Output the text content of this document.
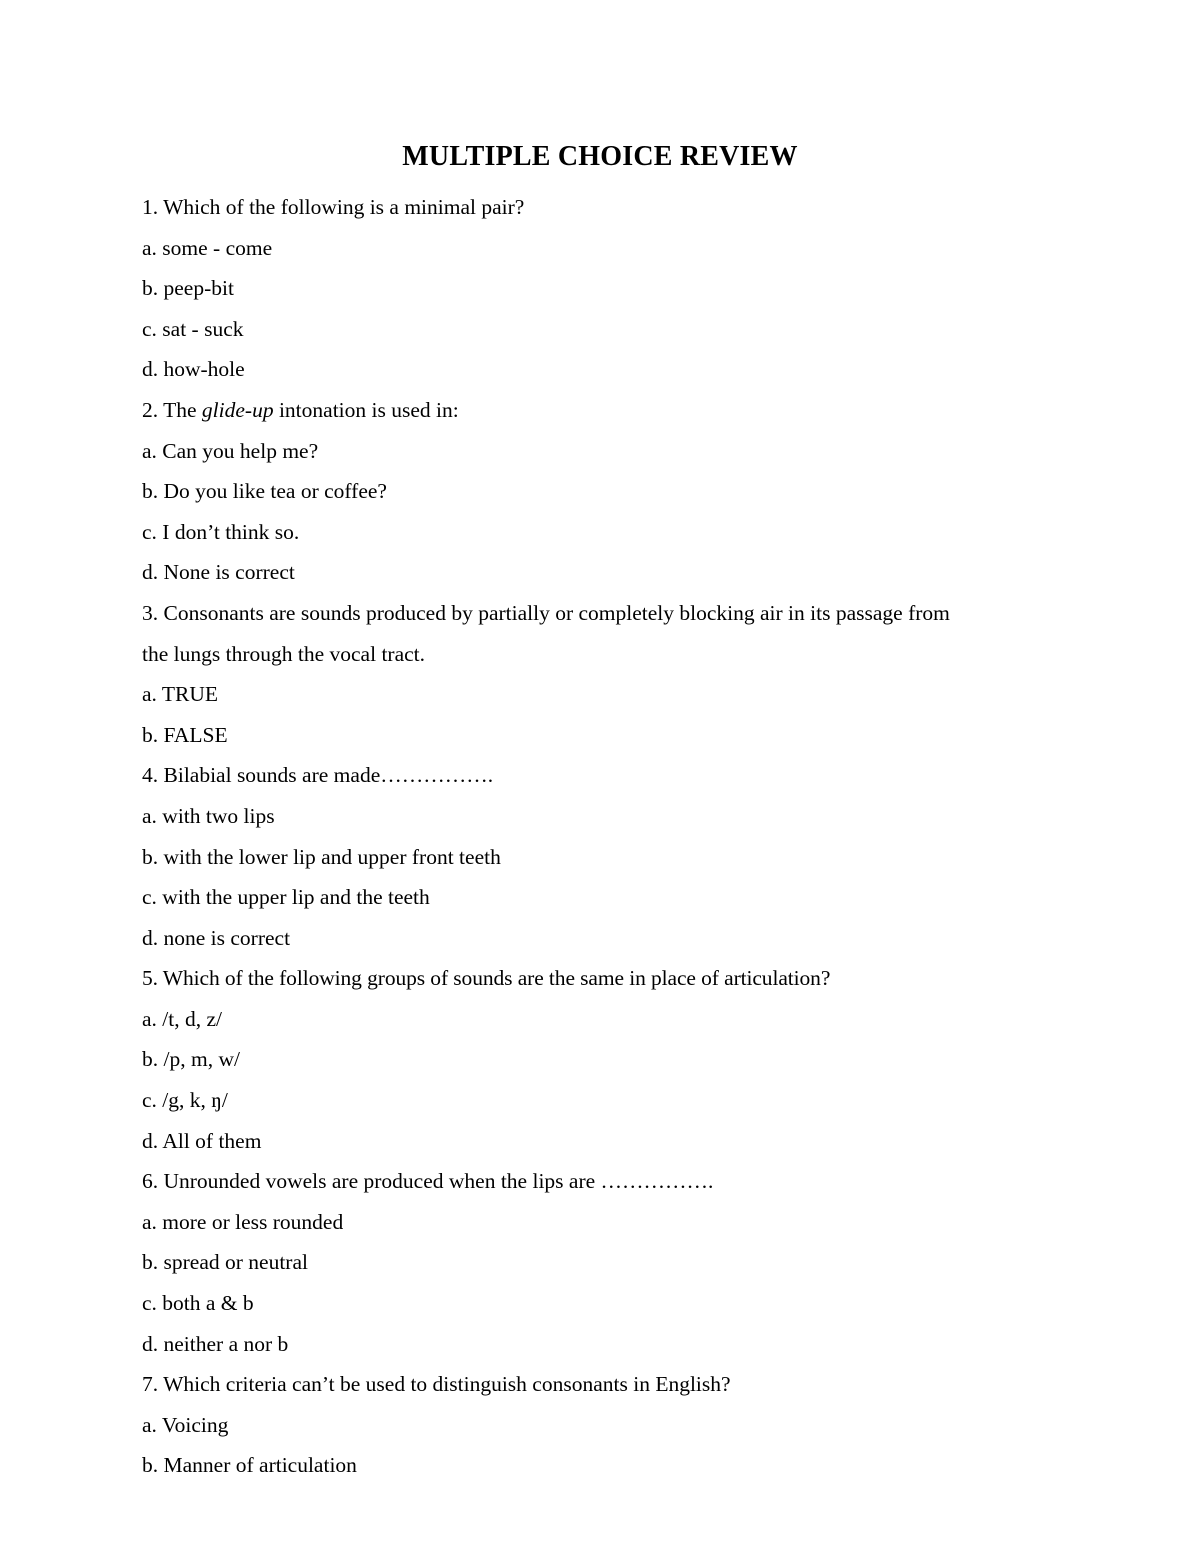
MULTIPLE CHOICE REVIEW
1. Which of the following is a minimal pair?
a. some - come
b. peep-bit
c. sat - suck
d. how-hole
2. The glide-up intonation is used in:
a. Can you help me?
b. Do you like tea or coffee?
c. I don’t think so.
d. None is correct
3. Consonants are sounds produced by partially or completely blocking air in its passage from
the lungs through the vocal tract.
a. TRUE
b. FALSE
4. Bilabial sounds are made…………….
a. with two lips
b. with the lower lip and upper front teeth
c. with the upper lip and the teeth
d. none is correct
5. Which of the following groups of sounds are the same in place of articulation?
a. /t, d, z/
b. /p, m, w/
c. /g, k, ŋ/
d. All of them
6. Unrounded vowels are produced when the lips are …………….
a. more or less rounded
b. spread or neutral
c. both a & b
d. neither a nor b
7. Which criteria can’t be used to distinguish consonants in English?
a. Voicing
b. Manner of articulation
